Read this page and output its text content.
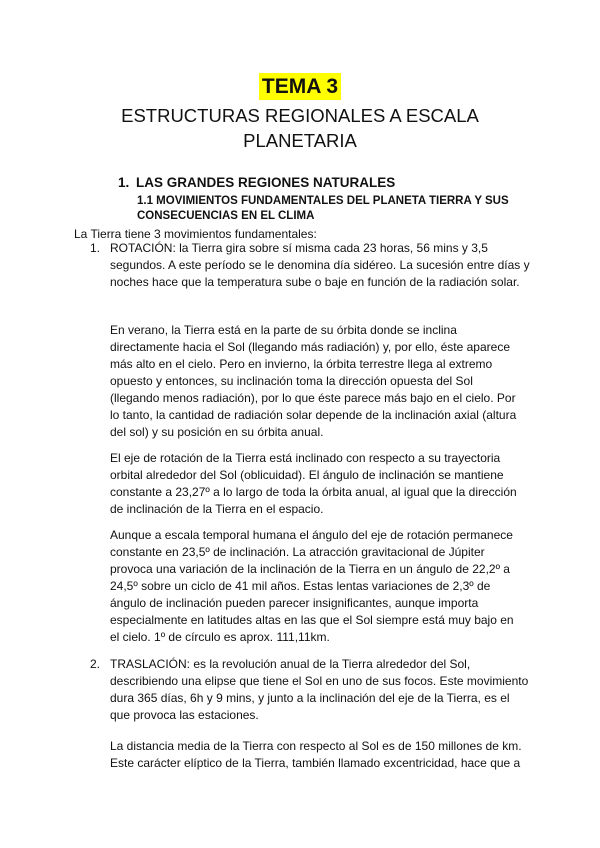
TEMA 3
ESTRUCTURAS REGIONALES A ESCALA PLANETARIA
1. LAS GRANDES REGIONES NATURALES
1.1 MOVIMIENTOS FUNDAMENTALES DEL PLANETA TIERRA Y SUS CONSECUENCIAS EN EL CLIMA
La Tierra tiene 3 movimientos fundamentales:
1. ROTACIÓN: la Tierra gira sobre sí misma cada 23 horas, 56 mins y 3,5 segundos. A este período se le denomina día sidéreo. La sucesión entre días y noches hace que la temperatura sube o baje en función de la radiación solar.

En verano, la Tierra está en la parte de su órbita donde se inclina directamente hacia el Sol (llegando más radiación) y, por ello, éste aparece más alto en el cielo. Pero en invierno, la órbita terrestre llega al extremo opuesto y entonces, su inclinación toma la dirección opuesta del Sol (llegando menos radiación), por lo que éste parece más bajo en el cielo. Por lo tanto, la cantidad de radiación solar depende de la inclinación axial (altura del sol) y su posición en su órbita anual.
El eje de rotación de la Tierra está inclinado con respecto a su trayectoria orbital alrededor del Sol (oblicuidad). El ángulo de inclinación se mantiene constante a 23,27º a lo largo de toda la órbita anual, al igual que la dirección de inclinación de la Tierra en el espacio.
Aunque a escala temporal humana el ángulo del eje de rotación permanece constante en 23,5º de inclinación. La atracción gravitacional de Júpiter provoca una variación de la inclinación de la Tierra en un ángulo de 22,2º a 24,5º sobre un ciclo de 41 mil años. Estas lentas variaciones de 2,3º de ángulo de inclinación pueden parecer insignificantes, aunque importa especialmente en latitudes altas en las que el Sol siempre está muy bajo en el cielo. 1º de círculo es aprox. 111,11km.
2. TRASLACIÓN: es la revolución anual de la Tierra alrededor del Sol, describiendo una elipse que tiene el Sol en uno de sus focos. Este movimiento dura 365 días, 6h y 9 mins, y junto a la inclinación del eje de la Tierra, es el que provoca las estaciones.

La distancia media de la Tierra con respecto al Sol es de 150 millones de km. Este carácter elíptico de la Tierra, también llamado excentricidad, hace que a
